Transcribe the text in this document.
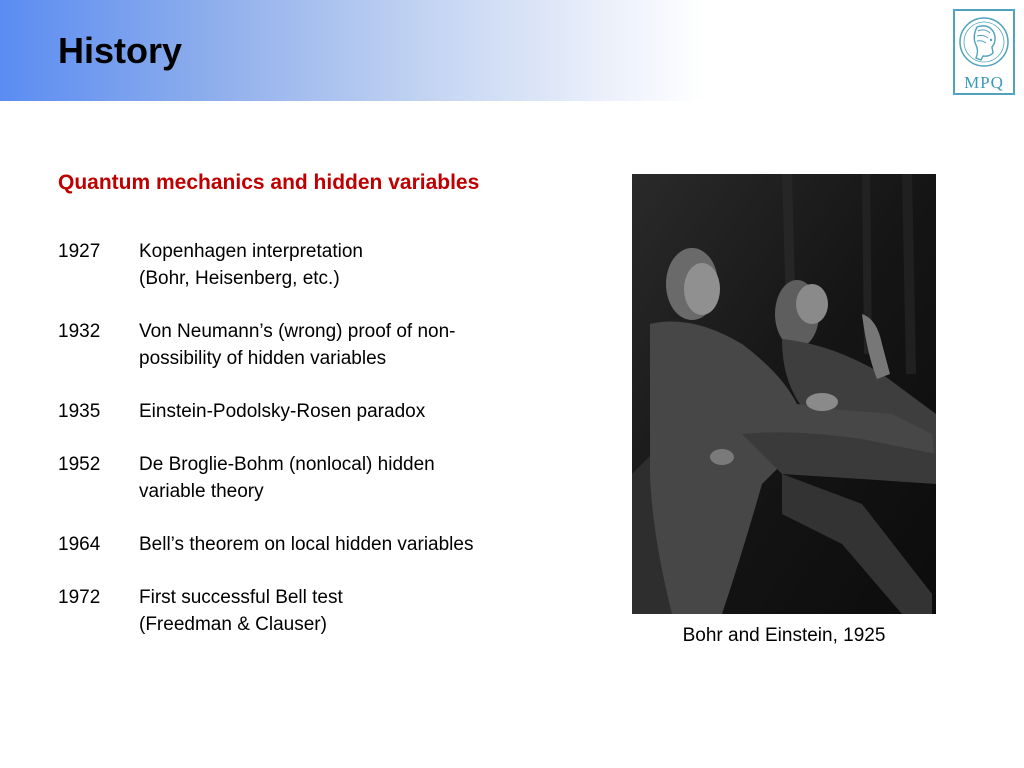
History
MPQ
Quantum mechanics and hidden variables
1927	Kopenhagen interpretation
(Bohr, Heisenberg, etc.)
1932	Von Neumann’s (wrong) proof of non-
possibility of hidden variables
1935	Einstein-Podolsky-Rosen paradox
1952	De Broglie-Bohm (nonlocal) hidden
variable theory
1964	Bell’s theorem on local hidden variables
1972	First successful Bell test
(Freedman & Clauser)
Bohr and Einstein, 1925
